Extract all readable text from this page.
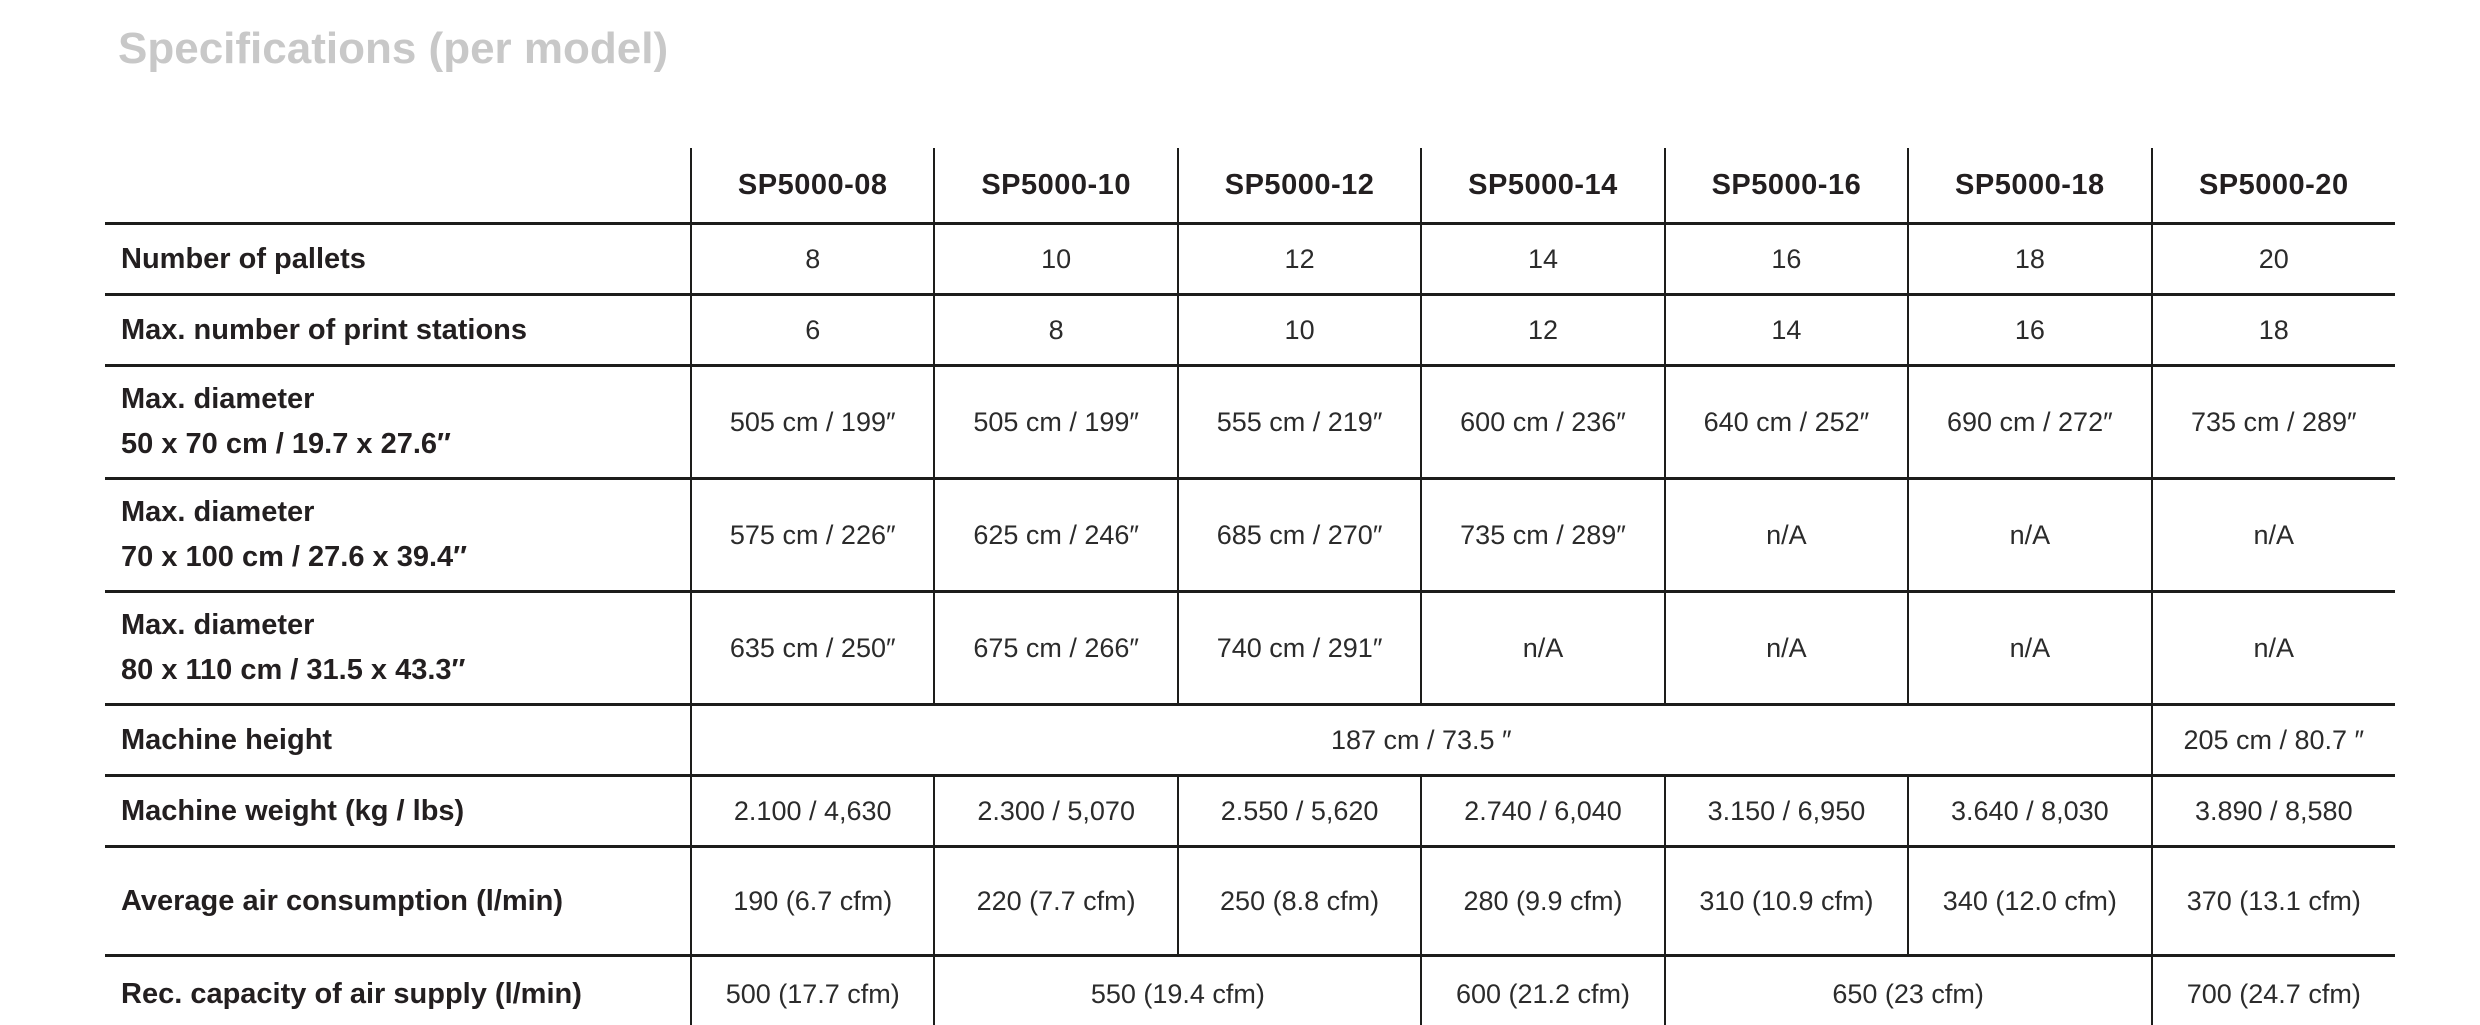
Specifications (per model)
	SP5000-08	SP5000-10	SP5000-12	SP5000-14	SP5000-16	SP5000-18	SP5000-20

Number of pallets	8	10	12	14	16	18	20

Max. number of print stations	6	8	10	12	14	16	18

Max. diameter
50 x 70 cm / 19.7 x 27.6″	505 cm / 199″	505 cm / 199″	555 cm / 219″	600 cm / 236″	640 cm / 252″	690 cm / 272″	735 cm / 289″

Max. diameter
70 x 100 cm / 27.6 x 39.4″	575 cm / 226″	625 cm / 246″	685 cm / 270″	735 cm / 289″	n/A	n/A	n/A

Max. diameter
80 x 110 cm / 31.5 x 43.3″	635 cm / 250″	675 cm / 266″	740 cm / 291″	n/A	n/A	n/A	n/A

Machine height	187 cm / 73.5 ″						205 cm / 80.7 ″

Machine weight (kg / lbs)	2.100 / 4,630	2.300 / 5,070	2.550 / 5,620	2.740 / 6,040	3.150 / 6,950	3.640 / 8,030	3.890 / 8,580

Average air consumption (l/min)	190 (6.7 cfm)	220 (7.7 cfm)	250 (8.8 cfm)	280 (9.9 cfm)	310 (10.9 cfm)	340 (12.0 cfm)	370 (13.1 cfm)

Rec. capacity of air supply (l/min)	500 (17.7 cfm)	550 (19.4 cfm)		600 (21.2 cfm)	650 (23 cfm)		700 (24.7 cfm)
